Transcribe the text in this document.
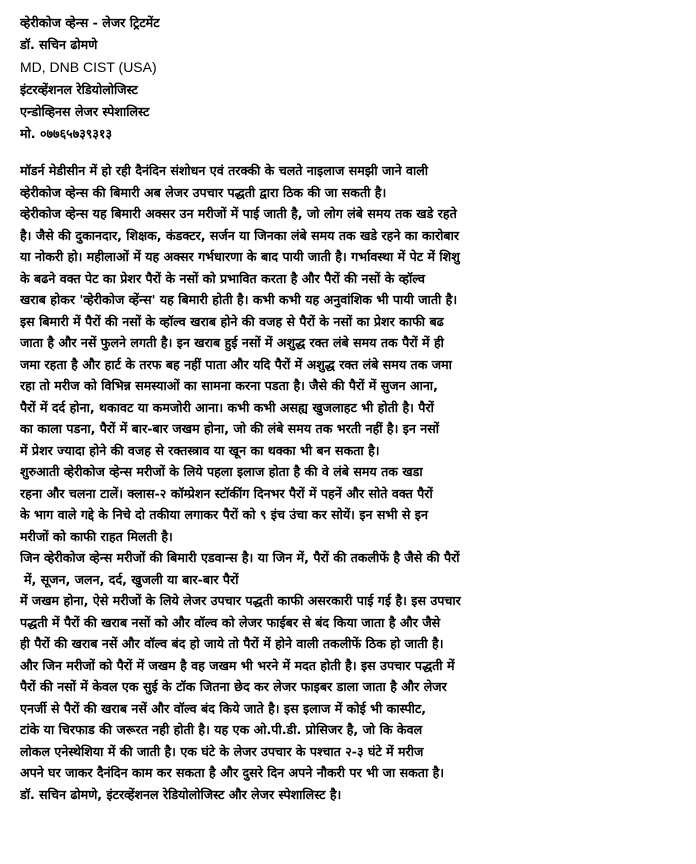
व्हेरीकोज व्हेन्स - लेजर ट्रिटमेंट
डॉ. सचिन ढोमणे
MD, DNB CIST (USA)
इंटरव्हेंशनल रेडियोलोजिस्ट
एन्डोव्हिनस लेजर स्पेशालिस्ट
मो. ०७७६५७३९३१३
मॉडर्न मेडीसीन में हो रही दैनंदिन संशोधन एवं तरक्की के चलते नाइलाज समझी जाने वाली
व्हेरीकोज व्हेन्स की बिमारी अब लेजर उपचार पद्धती द्वारा ठिक की जा सकती है।
व्हेरीकोज व्हेन्स यह बिमारी अक्सर उन मरीजों में पाई जाती है, जो लोग लंबे समय तक खडे रहते
है। जैसे की दुकानदार, शिक्षक, कंडक्टर, सर्जन या जिनका लंबे समय तक खडे रहने का कारोबार
या नोकरी हो। महीलाओं में यह अक्सर गर्भधारणा के बाद पायी जाती है। गर्भावस्था में पेट में शिशु
के बढने वक्त पेट का प्रेशर पैरों के नसों को प्रभावित करता है और पैरों की नसों के व्हॉल्व
खराब होकर 'व्हेरीकोज व्हेंन्स' यह बिमारी होती है। कभी कभी यह अनुवांशिक भी पायी जाती है।
इस बिमारी में पैरों की नसों के व्हॉल्व खराब होने की वजह से पैरों के नसों का प्रेशर काफी बढ
जाता है और नसें फुलने लगती है। इन खराब हुई नसों में अशुद्ध रक्त लंबे समय तक पैरों में ही
जमा रहता है और हार्ट के तरफ बह नहीं पाता और यदि पैरों में अशुद्ध रक्त लंबे समय तक जमा
रहा तो मरीज को विभिन्न समस्याओं का सामना करना पडता है। जैसे की पैरों में सुजन आना,
पैरों में दर्द होना, थकावट या कमजोरी आना। कभी कभी असह्य खुजलाहट भी होती है। पैरों
का काला पडना, पैरों में बार-बार जखम होना, जो की लंबे समय तक भरती नहीं है। इन नसों
में प्रेशर ज्यादा होने की वजह से रक्तस्त्राव या खून का थक्का भी बन सकता है।
शुरुआती व्हेरीकोज व्हेन्स मरीजों के लिये पहला इलाज होता है की वे लंबे समय तक खडा
रहना और चलना टालें। क्लास-२ कॉम्प्रेशन स्टॉकींग दिनभर पैरों में पहनें और सोते वक्त पैरों
के भाग वाले गद्दे के निचे दो तकीया लगाकर पैरों को ९ इंच उंचा कर सोयें। इन सभी से इन
मरीजों को काफी राहत मिलती है।
जिन व्हेरीकोज व्हेन्स मरीजों की बिमारी एडवान्स है। या जिन में, पैरों की तकलीफें है जैसे की पैरों
में, सूजन, जलन, दर्द, खुजली या बार-बार पैरों
में जखम होना, ऐसे मरीजों के लिये लेजर उपचार पद्धती काफी असरकारी पाई गई है। इस उपचार
पद्धती में पैरों की खराब नसों को और वॉल्व को लेजर फाईबर से बंद किया जाता है और जैसे
ही पैरों की खराब नसें और वॉल्व बंद हो जाये तो पैरों में होने वाली तकलीफें ठिक हो जाती है।
और जिन मरीजों को पैरों में जखम है वह जखम भी भरने में मदत होती है। इस उपचार पद्धती में
पैरों की नसों में केवल एक सुई के टॉक जितना छेद कर लेजर फाइबर डाला जाता है और लेजर
एनर्जी से पैरों की खराब नसें और वॉल्व बंद किये जाते है। इस इलाज में कोई भी कास्पीट,
टांके या चिरफाड की जरूरत नही होती है। यह एक ओ.पी.डी. प्रोसिजर है, जो कि केवल
लोकल एनेस्थेशिया में की जाती है। एक घंटे के लेजर उपचार के पश्चात २-३ घंटे में मरीज
अपने घर जाकर दैनंदिन काम कर सकता है और दुसरे दिन अपने नौकरी पर भी जा सकता है।
डॉ. सचिन ढोमणे, इंटरव्हेंशनल रेडियोलोजिस्ट और लेजर स्पेशालिस्ट है।
